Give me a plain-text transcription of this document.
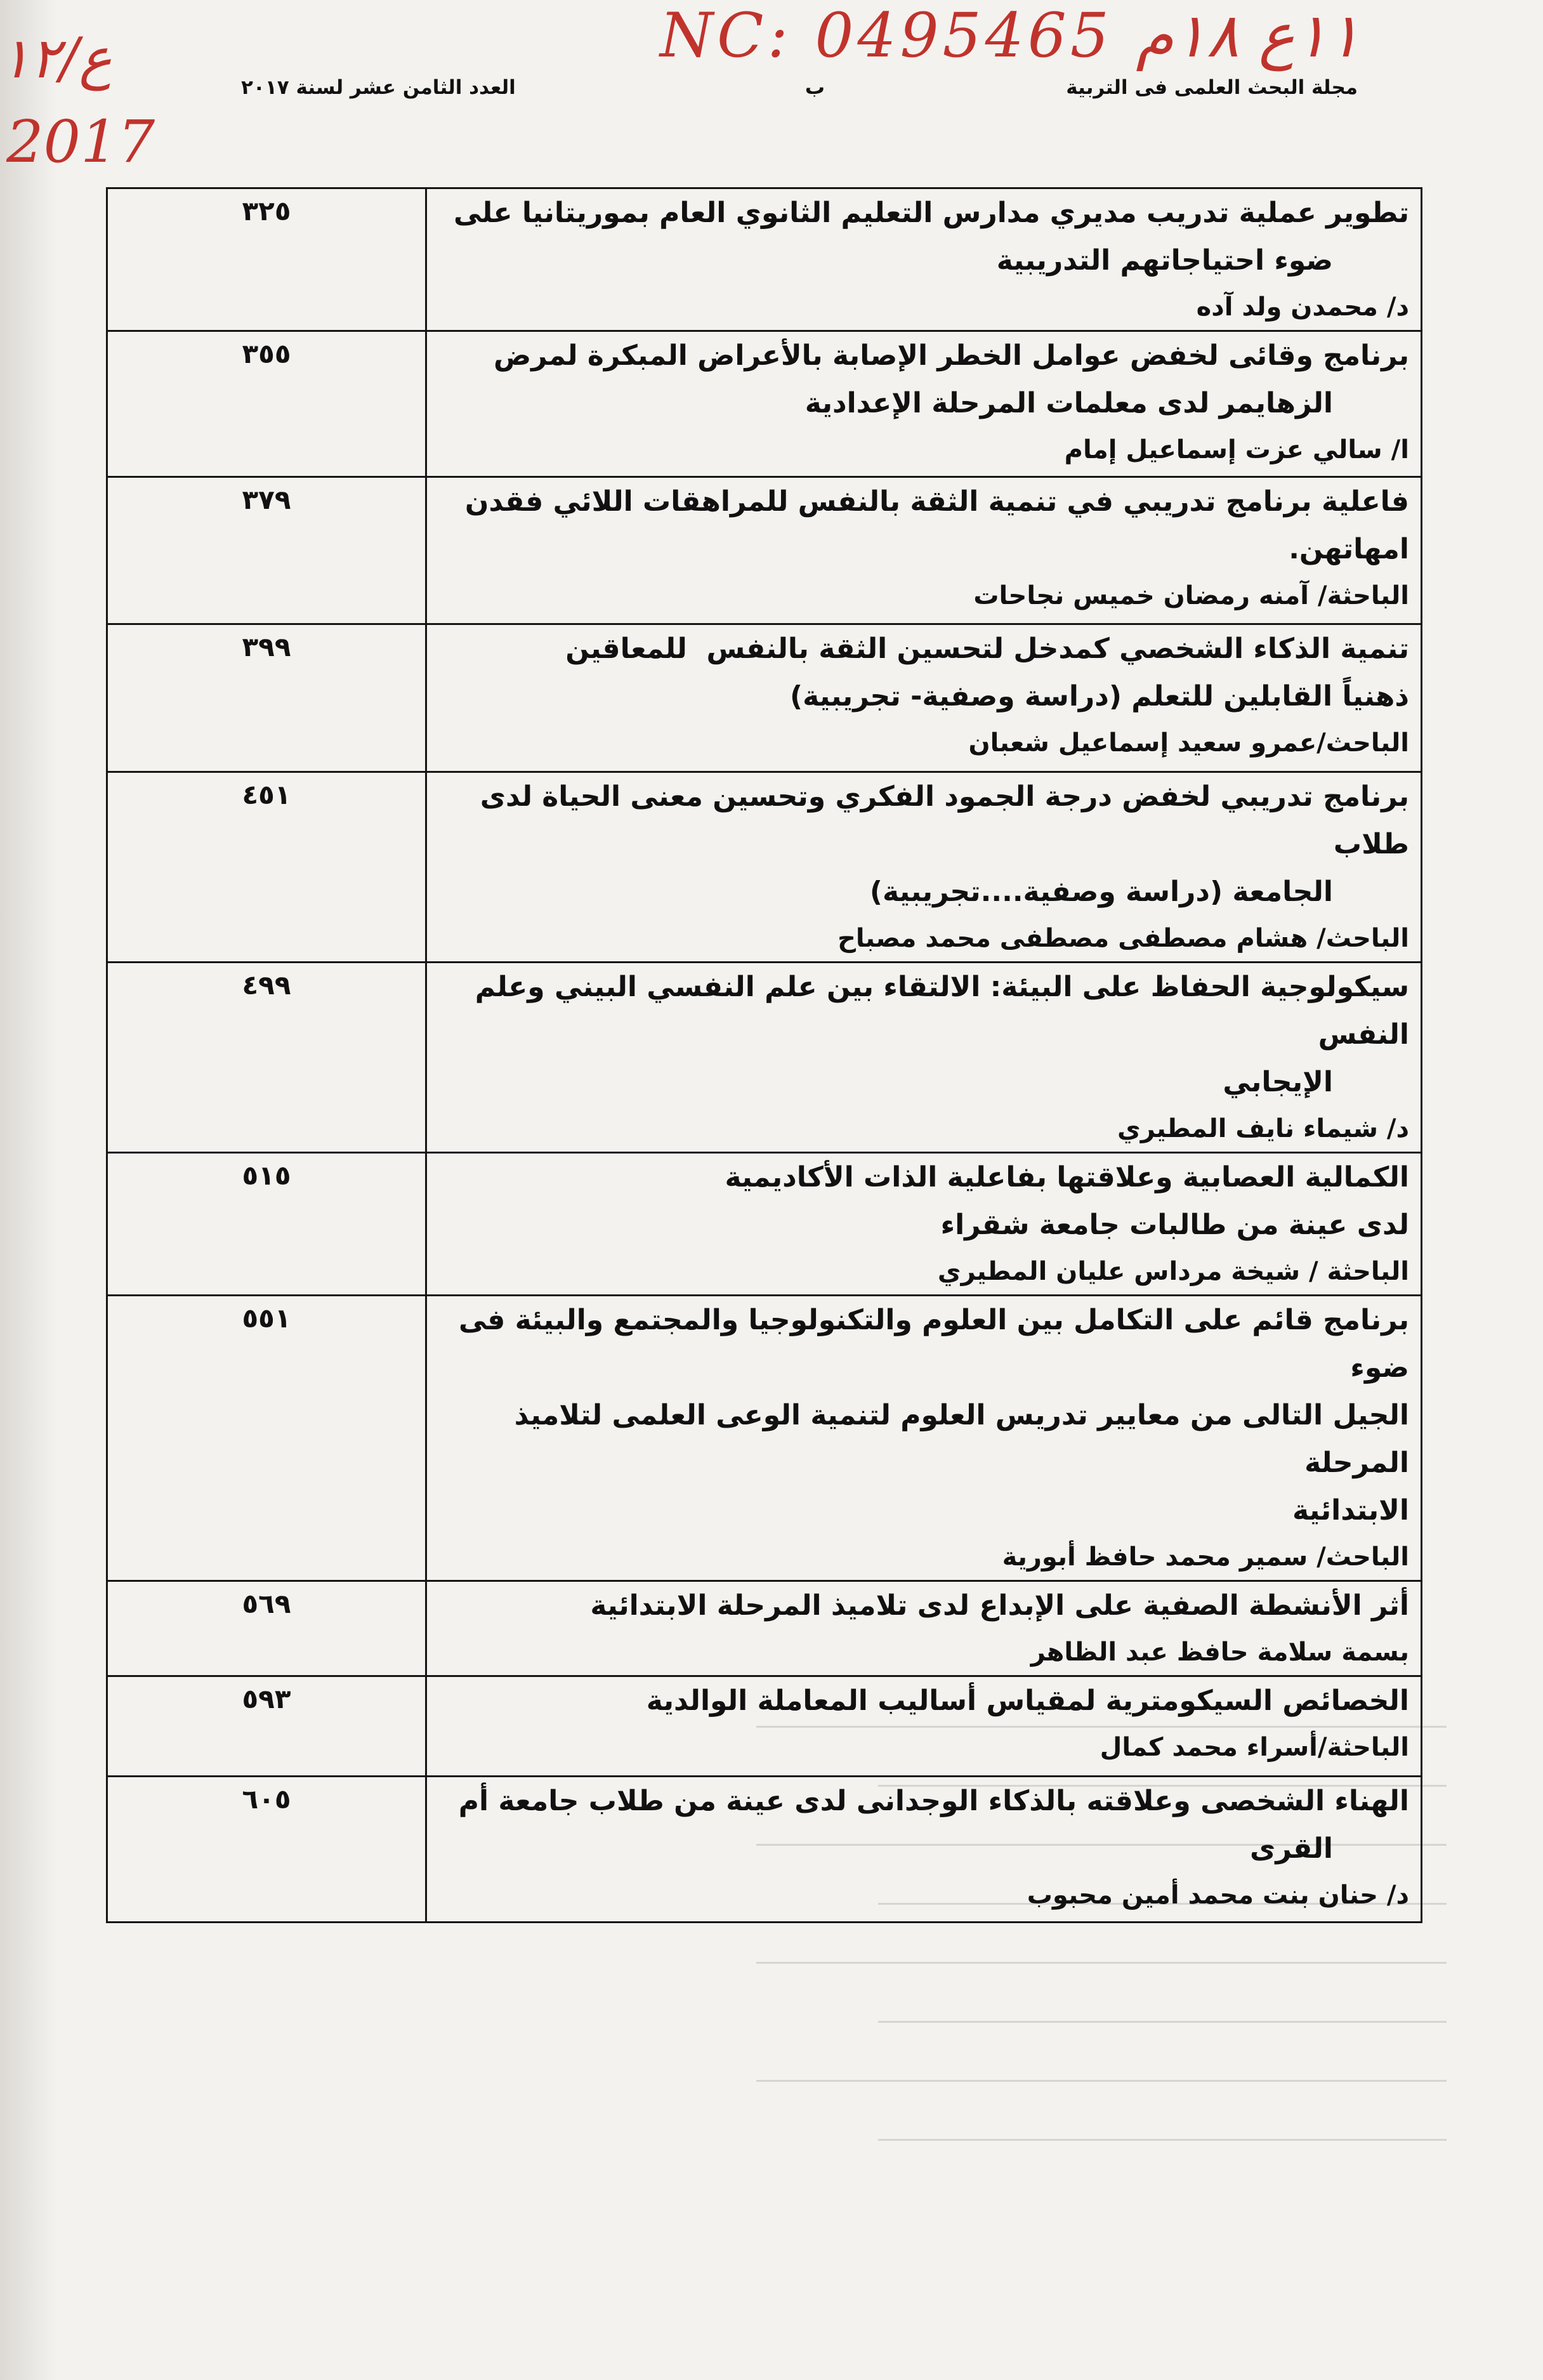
NC: 0495465 ١١ع ١٨م
ع/١٢
2017
مجلة البحث العلمى فى التربية
ب
العدد الثامن عشر لسنة ٢٠١٧
تطوير عملية تدريب مديري مدارس التعليم الثانوي العام بموريتانيا على
ضوء احتياجاتهم التدريبية
د/ محمدن ولد آده	٣٢٥

برنامج وقائى لخفض عوامل الخطر الإصابة بالأعراض المبكرة لمرض
الزهايمر لدى معلمات المرحلة الإعدادية
ا/ سالي عزت إسماعيل إمام	٣٥٥

فاعلية برنامج تدريبي في تنمية الثقة بالنفس للمراهقات اللائي فقدن
امهاتهن.
الباحثة/ آمنه رمضان خميس نجاحات	٣٧٩

تنمية الذكاء الشخصي كمدخل لتحسين الثقة بالنفس  للمعاقين
ذهنياً القابلين للتعلم (دراسة وصفية- تجريبية)
الباحث/عمرو سعيد إسماعيل شعبان	٣٩٩

برنامج تدريبي لخفض درجة الجمود الفكري وتحسين معنى الحياة لدى طلاب
الجامعة (دراسة وصفية....تجريبية)
الباحث/ هشام مصطفى مصطفى محمد مصباح	٤٥١

سيكولوجية الحفاظ على البيئة: الالتقاء بين علم النفسي البيني وعلم النفس
الإيجابي
د/ شيماء نايف المطيري	٤٩٩

الكمالية العصابية وعلاقتها بفاعلية الذات الأكاديمية
لدى عينة من طالبات جامعة شقراء
الباحثة / شيخة مرداس عليان المطيري	٥١٥

برنامج قائم على التكامل بين العلوم والتكنولوجيا والمجتمع والبيئة فى ضوء
الجيل التالى من معايير تدريس العلوم لتنمية الوعى العلمى لتلاميذ المرحلة
الابتدائية
الباحث/ سمير محمد حافظ أبورية	٥٥١

أثر الأنشطة الصفية على الإبداع لدى تلاميذ المرحلة الابتدائية
بسمة سلامة حافظ عبد الظاهر	٥٦٩

الخصائص السيكومترية لمقياس أساليب المعاملة الوالدية
الباحثة/أسراء محمد كمال	٥٩٣

الهناء الشخصى وعلاقته بالذكاء الوجدانى لدى عينة من طلاب جامعة أم
القرى
د/ حنان بنت محمد أمين محبوب	٦٠٥
